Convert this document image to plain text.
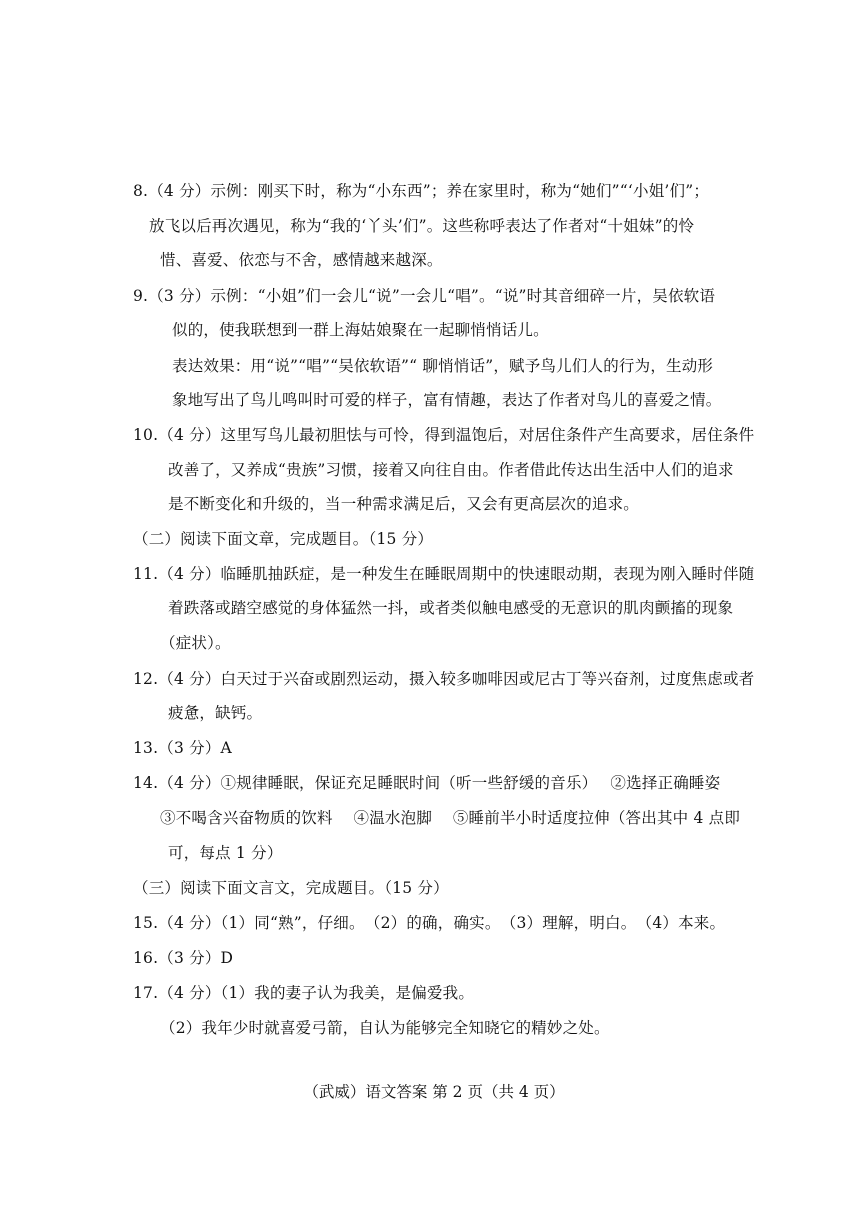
8.（4 分）示例：刚买下时，称为“小东西”；养在家里时，称为“她们”“‘小姐’们”；
放飞以后再次遇见，称为“我的‘丫头’们”。这些称呼表达了作者对“十姐妹”的怜
惜、喜爱、依恋与不舍，感情越来越深。
9.（3 分）示例：“小姐”们一会儿“说”一会儿“唱”。“说”时其音细碎一片，吴依软语
似的，使我联想到一群上海姑娘聚在一起聊悄悄话儿。
表达效果：用“说”“唱”“吴依软语”“ 聊悄悄话”，赋予鸟儿们人的行为，生动形
象地写出了鸟儿鸣叫时可爱的样子，富有情趣，表达了作者对鸟儿的喜爱之情。
10.（4 分）这里写鸟儿最初胆怯与可怜，得到温饱后，对居住条件产生高要求，居住条件
改善了，又养成“贵族”习惯，接着又向往自由。作者借此传达出生活中人们的追求
是不断变化和升级的，当一种需求满足后，又会有更高层次的追求。
（二）阅读下面文章，完成题目。（15 分）
11.（4 分）临睡肌抽跃症，是一种发生在睡眠周期中的快速眼动期，表现为刚入睡时伴随
着跌落或踏空感觉的身体猛然一抖，或者类似触电感受的无意识的肌肉颤搐的现象
（症状）。
12.（4 分）白天过于兴奋或剧烈运动，摄入较多咖啡因或尼古丁等兴奋剂，过度焦虑或者
疲惫，缺钙。
13.（3 分）A
14.（4 分）①规律睡眠，保证充足睡眠时间（听一些舒缓的音乐）　 ②选择正确睡姿
③不喝含兴奋物质的饮料　 ④温水泡脚　 ⑤睡前半小时适度拉伸（答出其中 4 点即
可，每点 1 分）
（三）阅读下面文言文，完成题目。（15 分）
15.（4 分）（1）同“熟”，仔细。　（2）的确，确实。　（3）理解，明白。　（4）本来。
16.（3 分）D
17.（4 分）（1）我的妻子认为我美，是偏爱我。
（2）我年少时就喜爱弓箭，自认为能够完全知晓它的精妙之处。
（武威）语文答案 第 2 页（共 4 页）
